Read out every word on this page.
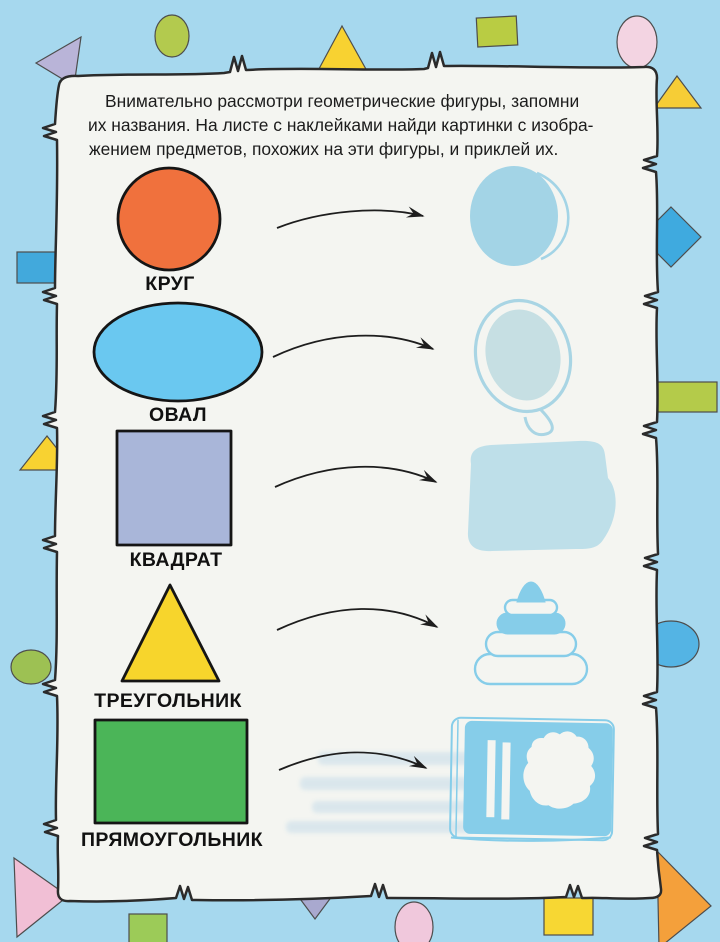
Внимательно рассмотри геометрические фигуры, запомни
их названия. На листе с наклейками найди картинки с изобра-
жением предметов, похожих на эти фигуры, и приклей их.
КРУГ
ОВАЛ
КВАДРАТ
ТРЕУГОЛЬНИК
ПРЯМОУГОЛЬНИК
